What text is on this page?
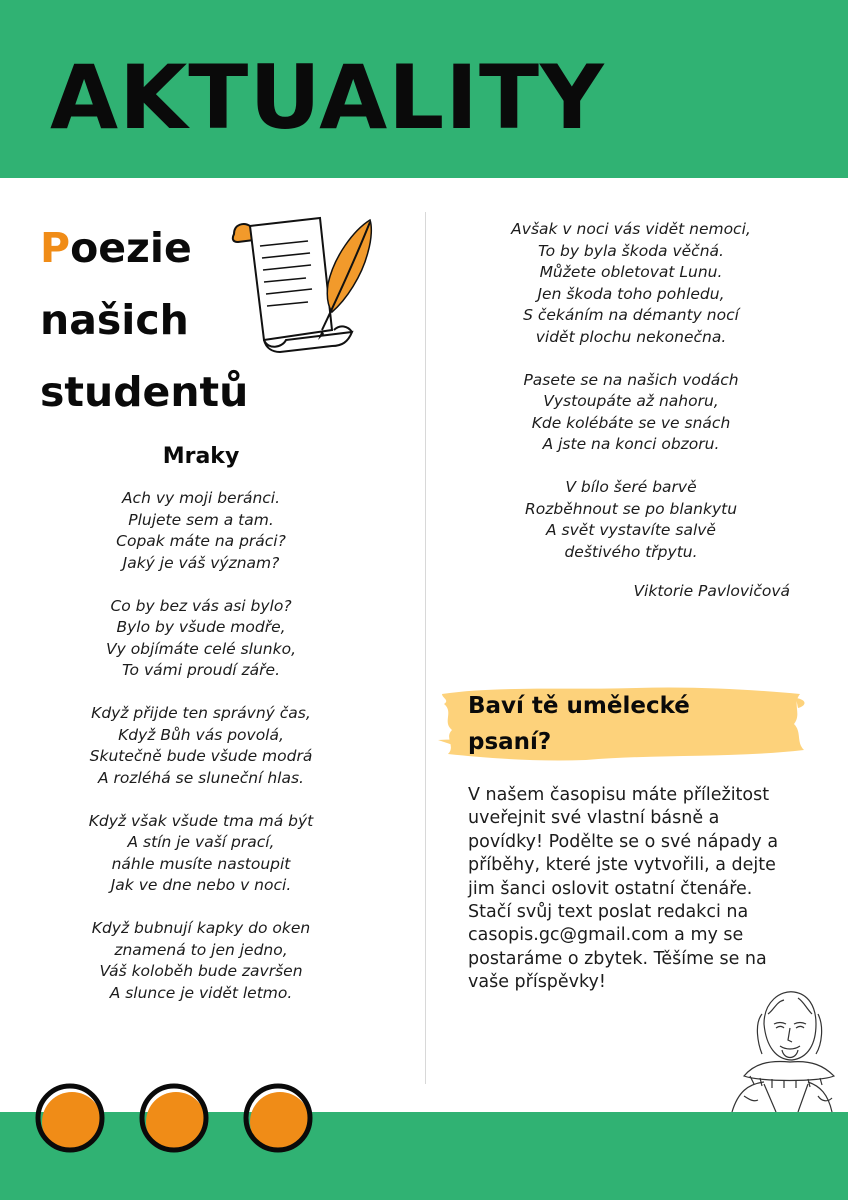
AKTUALITY
Poezie
našich
studentů
Mraky
Ach vy moji beránci.
Plujete sem a tam.
Copak máte na práci?
Jaký je váš význam?
Co by bez vás asi bylo?
Bylo by všude modře,
Vy objímáte celé slunko,
To vámi proudí záře.
Když přijde ten správný čas,
Když Bůh vás povolá,
Skutečně bude všude modrá
A rozléhá se sluneční hlas.
Když však všude tma má být
A stín je vaší prací,
náhle musíte nastoupit
Jak ve dne nebo v noci.
Když bubnují kapky do oken
znamená to jen jedno,
Váš koloběh bude završen
A slunce je vidět letmo.
Avšak v noci vás vidět nemoci,
To by byla škoda věčná.
Můžete obletovat Lunu.
Jen škoda toho pohledu,
S čekáním na démanty nocí
vidět plochu nekonečna.
Pasete se na našich vodách
Vystoupáte až nahoru,
Kde kolébáte se ve snách
A jste na konci obzoru.
V bílo šeré barvě
Rozběhnout se po blankytu
A svět vystavíte salvě
deštivého třpytu.
Viktorie Pavlovičová
Baví tě umělecké
psaní?
V našem časopisu máte příležitost
uveřejnit své vlastní básně a
povídky! Podělte se o své nápady a
příběhy, které jste vytvořili, a dejte
jim šanci oslovit ostatní čtenáře.
Stačí svůj text poslat redakci na
casopis.gc@gmail.com a my se
postaráme o zbytek. Těšíme se na
vaše příspěvky!
